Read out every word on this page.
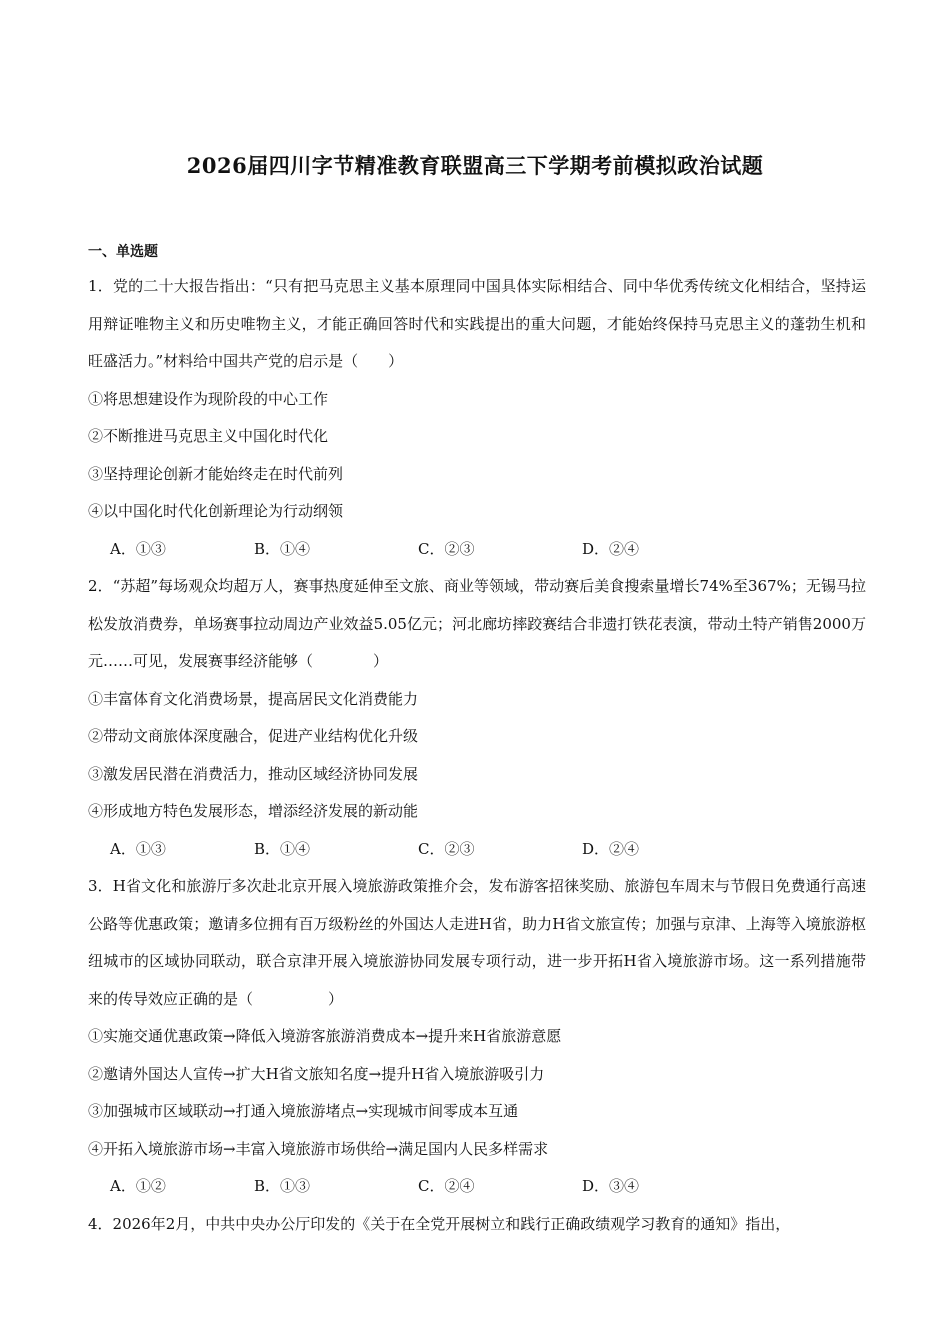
2026届四川字节精准教育联盟高三下学期考前模拟政治试题
一、单选题
1．党的二十大报告指出：“只有把马克思主义基本原理同中国具体实际相结合、同中华优秀传统文化相结合，坚持运用辩证唯物主义和历史唯物主义，才能正确回答时代和实践提出的重大问题，才能始终保持马克思主义的蓬勃生机和旺盛活力。”材料给中国共产党的启示是（　　）
①将思想建设作为现阶段的中心工作
②不断推进马克思主义中国化时代化
③坚持理论创新才能始终走在时代前列
④以中国化时代化创新理论为行动纲领
A．①③	B．①④	C．②③	D．②④
2．“苏超”每场观众均超万人，赛事热度延伸至文旅、商业等领域，带动赛后美食搜索量增长74%至367%；无锡马拉松发放消费券，单场赛事拉动周边产业效益5.05亿元；河北廊坊摔跤赛结合非遗打铁花表演，带动土特产销售2000万元……可见，发展赛事经济能够（　　　　）
①丰富体育文化消费场景，提高居民文化消费能力
②带动文商旅体深度融合，促进产业结构优化升级
③激发居民潜在消费活力，推动区域经济协同发展
④形成地方特色发展形态，增添经济发展的新动能
A．①③	B．①④	C．②③	D．②④
3．H省文化和旅游厅多次赴北京开展入境旅游政策推介会，发布游客招徕奖励、旅游包车周末与节假日免费通行高速公路等优惠政策；邀请多位拥有百万级粉丝的外国达人走进H省，助力H省文旅宣传；加强与京津、上海等入境旅游枢纽城市的区域协同联动，联合京津开展入境旅游协同发展专项行动，进一步开拓H省入境旅游市场。这一系列措施带来的传导效应正确的是（　　　　　）
①实施交通优惠政策→降低入境游客旅游消费成本→提升来H省旅游意愿
②邀请外国达人宣传→扩大H省文旅知名度→提升H省入境旅游吸引力
③加强城市区域联动→打通入境旅游堵点→实现城市间零成本互通
④开拓入境旅游市场→丰富入境旅游市场供给→满足国内人民多样需求
A．①②	B．①③	C．②④	D．③④
4．2026年2月，中共中央办公厅印发的《关于在全党开展树立和践行正确政绩观学习教育的通知》指出，
